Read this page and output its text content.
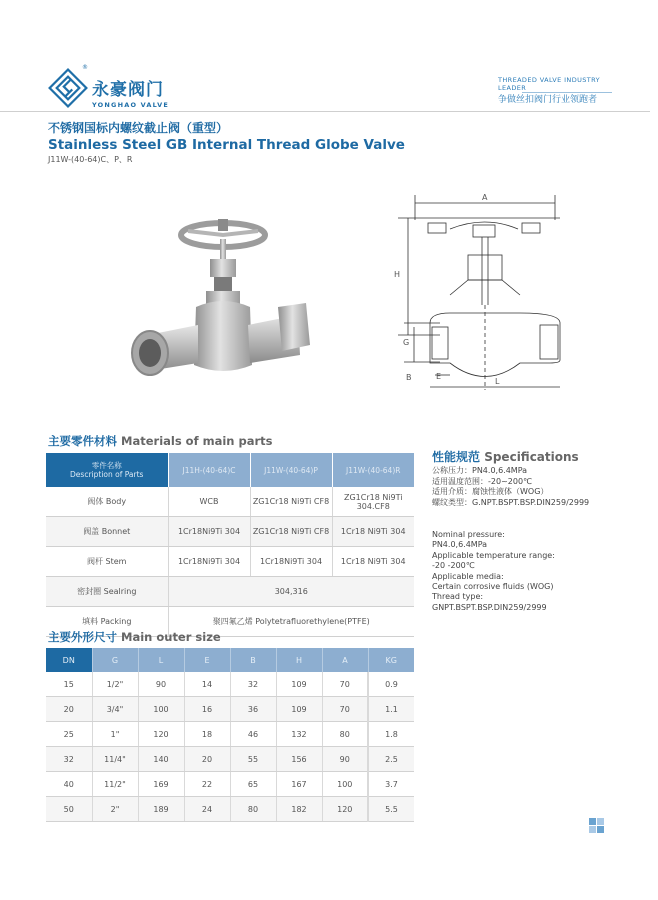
®
永豪阀门
YONGHAO VALVE
THREADED VALVE INDUSTRY LEADER
争做丝扣阀门行业领跑者
不锈钢国标内螺纹截止阀（重型）
Stainless Steel GB Internal Thread Globe Valve
J11W-(40-64)C、P、R
A
H
G
B	E
L
主要零件材料 Materials of main parts
零件名称
Description of Parts	J11H-(40-64)C	J11W-(40-64)P	J11W-(40-64)R
阀体 Body	WCB	ZG1Cr18 Ni9Ti CF8	ZG1Cr18 Ni9Ti 304.CF8
阀盖 Bonnet	1Cr18Ni9Ti 304	ZG1Cr18 Ni9Ti CF8	1Cr18 Ni9Ti 304
阀杆 Stem	1Cr18Ni9Ti 304	1Cr18Ni9Ti 304	1Cr18 Ni9Ti 304
密封圈 Sealring	304,316		
填料 Packing	聚四氟乙烯 Polytetrafluorethylene(PTFE)		
性能规范 Specifications
公称压力：PN4.0,6.4MPa
适用温度范围：-20~200℃
适用介质：腐蚀性液体（WOG）
螺纹类型：G.NPT.BSPT.BSP.DIN259/2999
Nominal pressure:
PN4.0,6.4MPa
Applicable temperature range:
-20 -200℃
Applicable media:
Certain corrosive fluids (WOG)
Thread type:
GNPT.BSPT.BSP.DIN259/2999
主要外形尺寸 Main outer size
DN	G	L	E	B	H	A	KG
15	1/2"	90	14	32	109	70	0.9
20	3/4"	100	16	36	109	70	1.1
25	1"	120	18	46	132	80	1.8
32	11/4"	140	20	55	156	90	2.5
40	11/2"	169	22	65	167	100	3.7
50	2"	189	24	80	182	120	5.5
